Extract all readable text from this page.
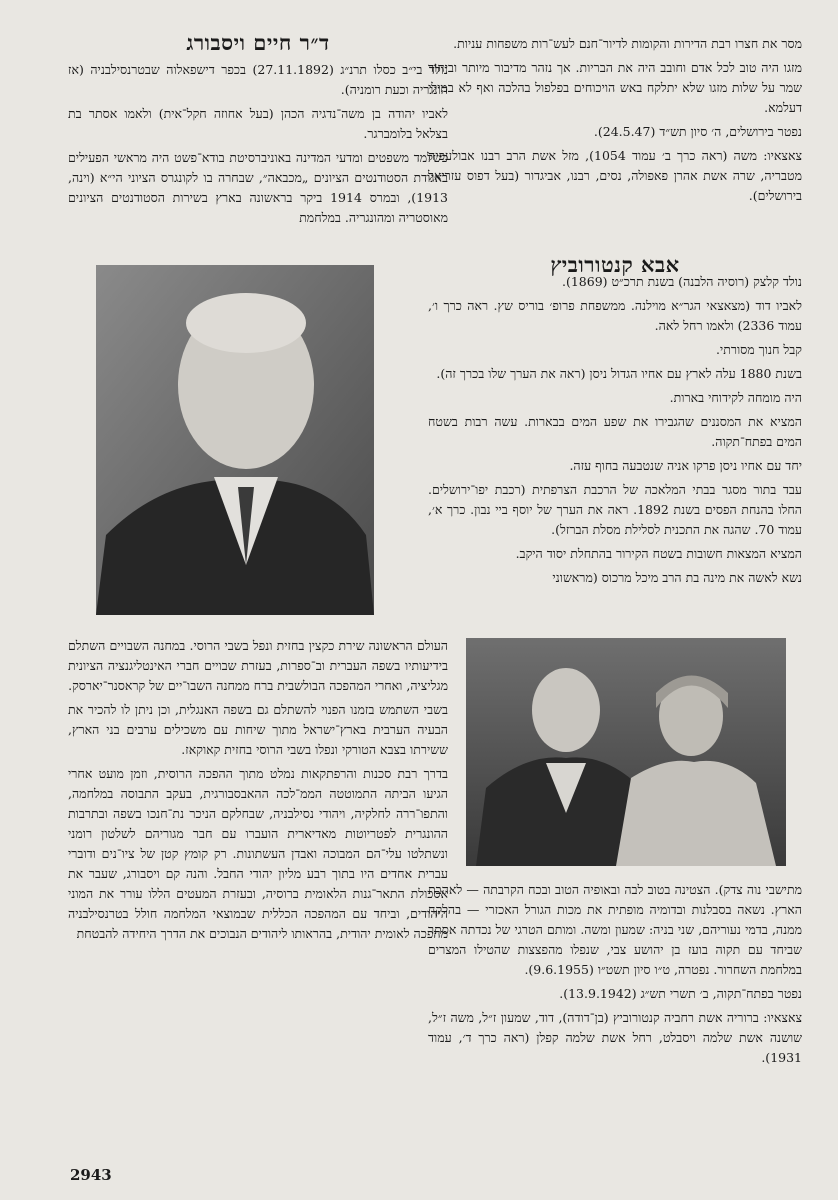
מסר את חצרו רבת הדירות והקומות לדיור־חנם לעש־רות משפחות עניות.

מזגו היה טוב לכל אדם וחובב היה את הבריות. אך נזהר מדיבור מיותר וביחוד שמר על שלות מזגו שלא יתלקח באש הויכוחים בפלפול בהלכה ואף לא במילי דעלמא.

נפטר בירושלים, ה׳ סיון תש״ד (24.5.47).

צאצאיו: משה (ראה כרך ב׳ עמוד 1054), מזל אשת הרב רבנו אבולעפיה מטבריה, שרה אשת אהרן פאפולה, נסים, רבנו, אביגדור (בעל דפוס עזריאל בירושלים).

אבא קנטורוביץ

נולד קלצק (רוסיה הלבנה) בשנת תרכ״ט (1869).

לאביו דוד (מצאצאי הגר״א מוילנה. ממשפחת פרופ׳ בוריס שץ. ראה כרך ו׳, עמוד 2336) ולאמו רחל לאה.

קבל חנוך מסורתי.

בשנת 1880 עלה לארץ עם אחיו הגדול ניסן (ראה את הערך שלו בכרך זה).

היה מומחה לקידוחי בארות.

המציא את המסננים שהגבירו את שפע המים בבארות. עשה רבות בשטח המים בפתח־תקוה.

יחד עם אחיו ניסן פרקו אניה שנטבעה בחוף עזה.

עבד בתור מסגר בבתי המלאכה של הרכבת הצרפתית (רכבת יפו־ירושלים. החלו בהנחת הפסים בשנת 1892. ראה את הערך של יוסף ביי נבון. כרך א׳, עמוד 70. שהגה את התכנית לסלילת מסלת הברזל).

המציא המצאות חשובות בשטח הקירור בהתחלת יסוד היקב.

נשא לאשה את מינה בת הרב מיכל מרכוס (מראשוני

מתישבי נוה צדק). הצטינה בטוב לבה ובאופיה הטוב ובכח הקרבתה — לאהבת הארץ. נשאה בסבלנות ובדומיה מופתית את מכות הגורל האכזרי — בהלקח ממנה, בדמי נעוריהם, שני בניה: שמעון ומשה. ומותם הטרגי של נכדתה אסתר שביחד עם תקוה בועז בן יהושע צבי, שנפלו מהפצצות שהטילו המצרים במלחמת השחרור. נפטרה, ט״ו סיון תשט״ו (9.6.1955).

נפטר בפתח־תקוה, ב׳ תשרי תש״ג (13.9.1942).

צאצאיו: ברוריה אשת רחביה קנטורוביץ (בן־דודה), דוד, שמעון ז״ל, משה ז״ל, שושנה אשת שלמה ויסבלט, רחל אשת שלמה קפלן (ראה כרך ד׳, עמוד 1931).

ד״ר חיים ויסבורג

נולד בי״ב כסלו תרנ״ג (27.11.1892) בכפר דישפאלוה שבטרנסילבניה (אז הונגריה וכעת רומניה).

לאביו יהודה בן משה־נדגיה הכהן (בעל אחוזה חקל־אית) ולאמו אסתר בת בצלאל בלומברגר.

כשלמד משפטים ומדעי המדינה באוניברסיטת בודא־פשט היה מראשי הפעילים באגודת הסטודנטים הציונים „מכבאה״, שבחרה בו לקונגרס הציוני הי״א (וינה, 1913), ובמרס 1914 ביקר בראשונה בארץ בשירות הסטודנטים הציונים מאוסטריה ומהונגריה. במלחמת

העולם הראשונה שירת כקצין בחזית ונפל בשבי הרוסי. במחנה השבויים השתלם בידיעותיו בשפה העברית וב־ספרות, בעזרת שבויים חברי האינטליגנציה הציונית מגליציה, ואחרי המהפכה הבולשבית ברח ממחנה השבו־יים של קראסנר־יארסק.

בשבי השתמש בזמנו הפנוי להשתלם גם בשפה האנגלית, וכן ניתן לו להכיר את הבעיה הערבית בארץ־ישראל מתוך שיחות עם משכילים ערבים בני הארץ, ששירתו בצבא הטורקי ונפלו בשבי הרוסי בחזית קאוקאז.

בדרך רבת סכנות והרפתקאות נמלט מתוך ההפכה הרוסית, וזמן מועט אחרי הגיעו הביתה התמוטטה הממ־לכה ההאבסבורגית, בעקב התבוסה במלחמה, והתפו־ררה לחלקיה, ויהודי נסילבניה, שבחלקם הניכר נת־חנכו בשפה ובתרבות ההונגרית לפטריוטות מאדיארית הועברו עם חבר מגוריהם לשלטון רומני ונשתלטו עלי־הם המבוכה ואבדן העשתונות. רק קומץ קטן של ציו־נים ודוברי עברית אחדים היו בתוך רבע מליון יהודי החבל. והנה קם ויסבורג, שעבר את אסכולת התאר־גנות הלאומית ברוסיה, ובעזרת המעטים הללו עורר את המוני היהודים, וביחד עם המהפכה הכללית שבמוצאי המלחמה חולל בטרנסילבניה מהפכה לאומית יהודית, בהראותו ליהודים הנבוכים את הדרך היחידה להבטחת

2943
